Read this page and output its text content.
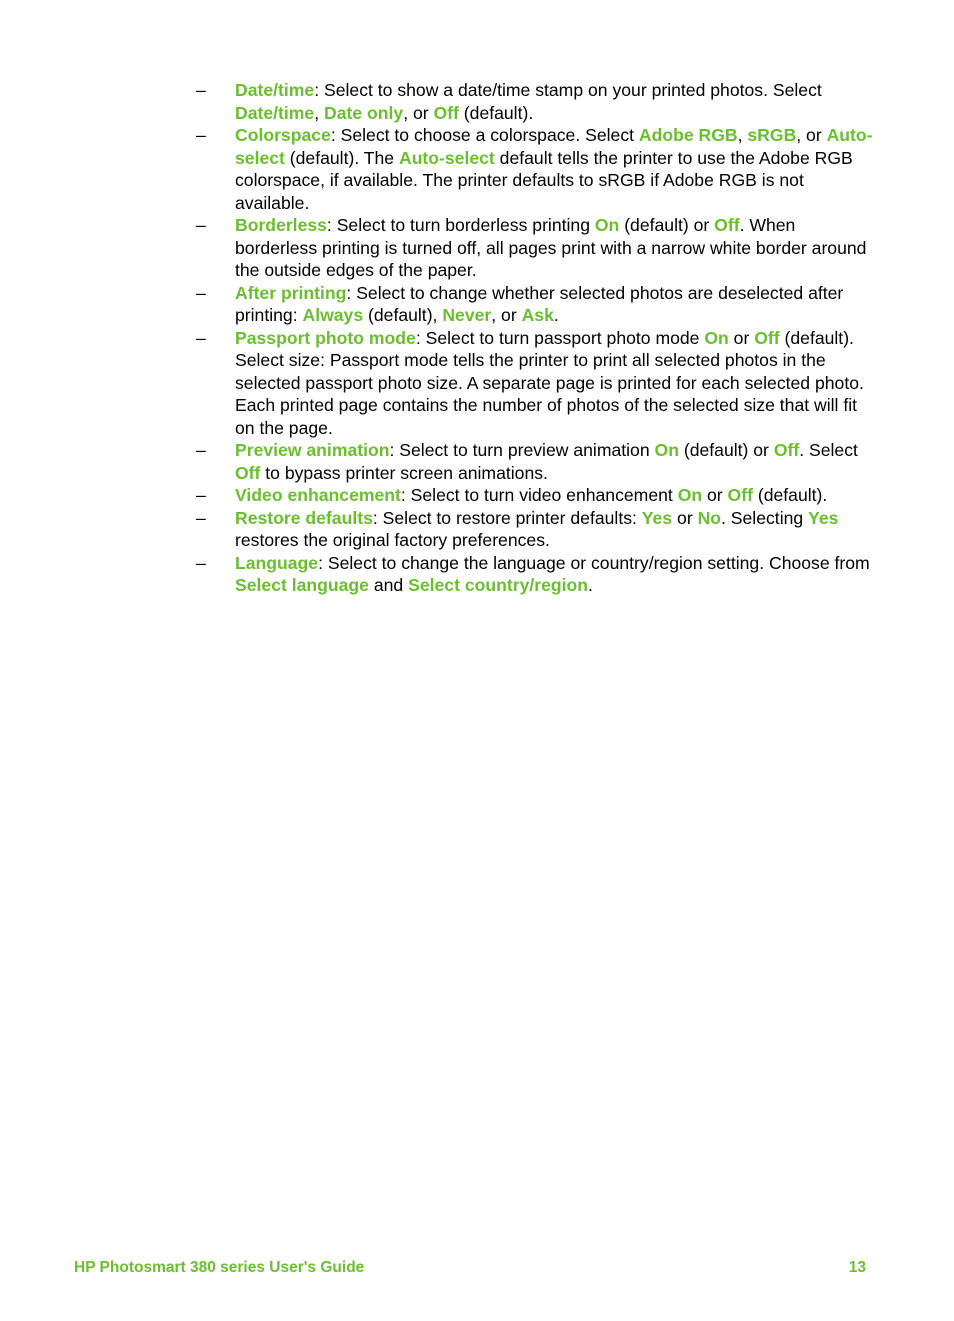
– Date/time: Select to show a date/time stamp on your printed photos. Select Date/time, Date only, or Off (default).

– Colorspace: Select to choose a colorspace. Select Adobe RGB, sRGB, or Auto-select (default). The Auto-select default tells the printer to use the Adobe RGB colorspace, if available. The printer defaults to sRGB if Adobe RGB is not available.

– Borderless: Select to turn borderless printing On (default) or Off. When borderless printing is turned off, all pages print with a narrow white border around the outside edges of the paper.

– After printing: Select to change whether selected photos are deselected after printing: Always (default), Never, or Ask.

– Passport photo mode: Select to turn passport photo mode On or Off (default). Select size: Passport mode tells the printer to print all selected photos in the selected passport photo size. A separate page is printed for each selected photo. Each printed page contains the number of photos of the selected size that will fit on the page.

– Preview animation: Select to turn preview animation On (default) or Off. Select Off to bypass printer screen animations.

– Video enhancement: Select to turn video enhancement On or Off (default).

– Restore defaults: Select to restore printer defaults: Yes or No. Selecting Yes restores the original factory preferences.

– Language: Select to change the language or country/region setting. Choose from Select language and Select country/region.

HP Photosmart 380 series User's Guide	13
